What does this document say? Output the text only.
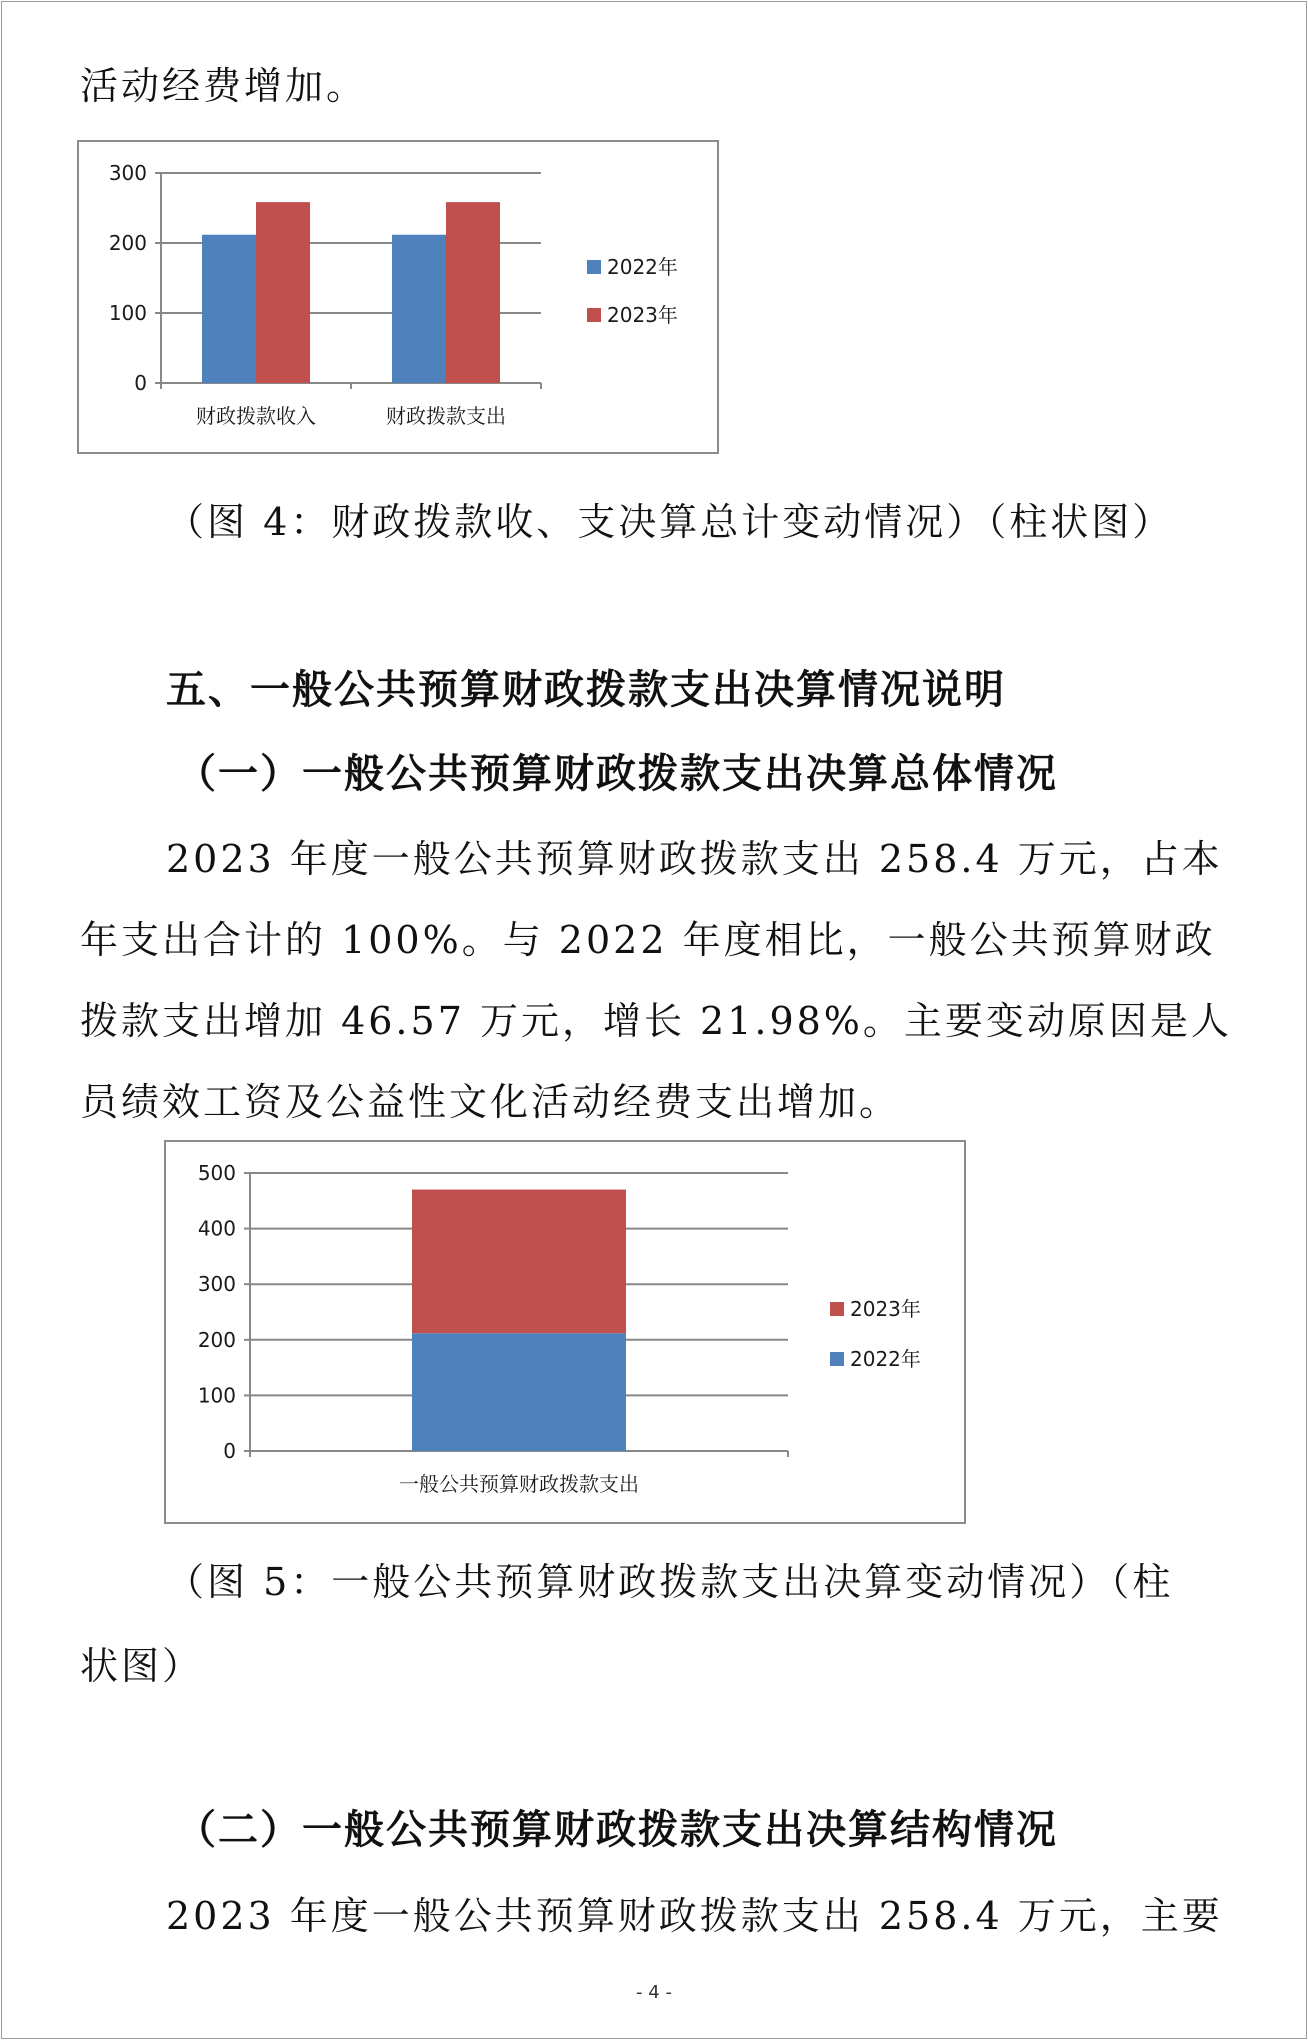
活动经费增加。
0
100
200
300
财政拨款收入	财政拨款支出
2022年
2023年
（图 4：财政拨款收、支决算总计变动情况）（柱状图）
五、一般公共预算财政拨款支出决算情况说明
（一）一般公共预算财政拨款支出决算总体情况
2023 年度一般公共预算财政拨款支出 258.4 万元，占本
年支出合计的 100%。与 2022 年度相比，一般公共预算财政
拨款支出增加 46.57 万元，增长 21.98%。主要变动原因是人
员绩效工资及公益性文化活动经费支出增加。
0
100
200
300
400
500
一般公共预算财政拨款支出
2023年
2022年
（图 5：一般公共预算财政拨款支出决算变动情况）（柱
状图）
（二）一般公共预算财政拨款支出决算结构情况
2023 年度一般公共预算财政拨款支出 258.4 万元，主要
- 4 -
